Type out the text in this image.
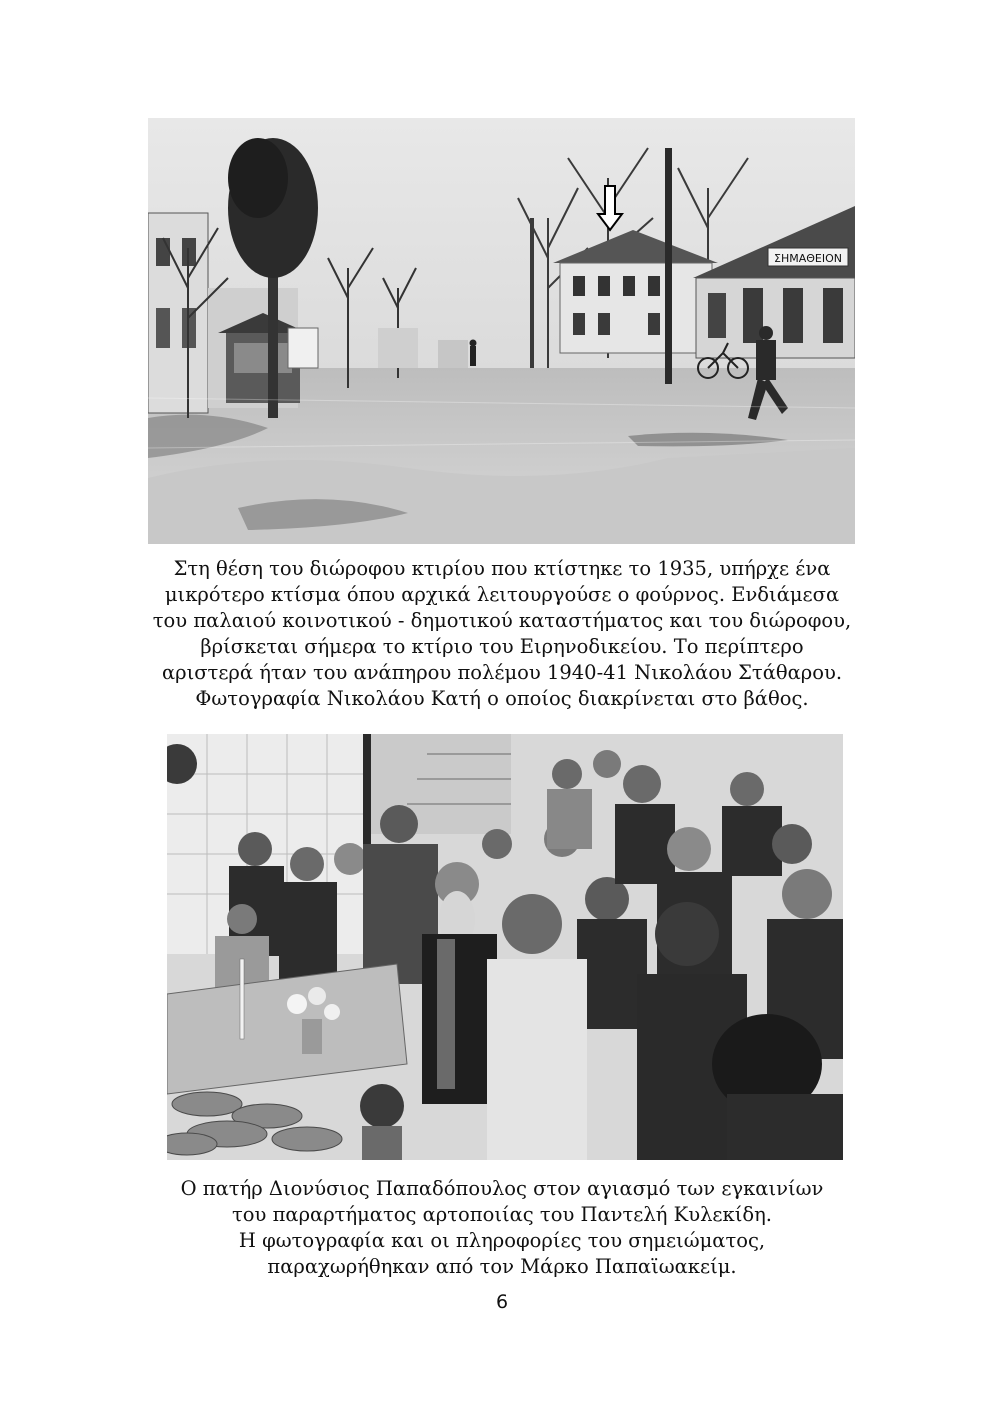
ΣΗΜΑΘΕΙΟΝ
Στη θέση του διώροφου κτιρίου που κτίστηκε το 1935, υπήρχε ένα
μικρότερο κτίσμα όπου αρχικά λειτουργούσε ο φούρνος. Ενδιάμεσα
του παλαιού κοινοτικού - δημοτικού καταστήματος και του διώροφου,
βρίσκεται σήμερα το κτίριο του Ειρηνοδικείου. Το περίπτερο
αριστερά ήταν του ανάπηρου πολέμου 1940-41 Νικολάου Στάθαρου.
Φωτογραφία Νικολάου Κατή ο οποίος διακρίνεται στο βάθος.
Ο πατήρ Διονύσιος Παπαδόπουλος στον αγιασμό των εγκαινίων
του παραρτήματος αρτοποιίας του Παντελή Κυλεκίδη.
Η φωτογραφία και οι πληροφορίες του σημειώματος,
παραχωρήθηκαν από τον Μάρκο Παπαϊωακείμ.
6
